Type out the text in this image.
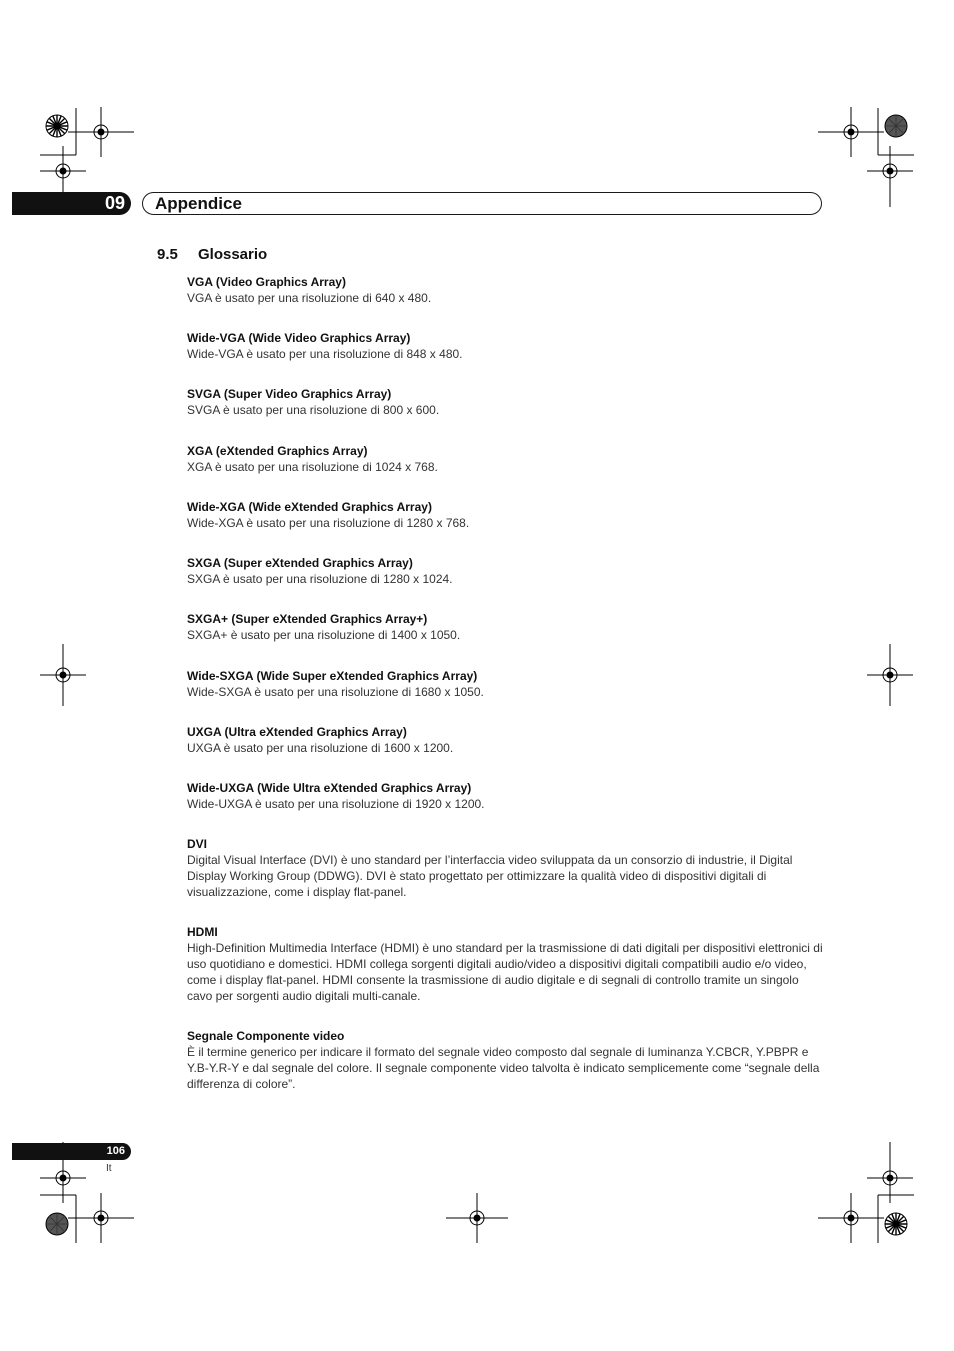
09	Appendice
9.5 Glossario
VGA (Video Graphics Array)
VGA è usato per una risoluzione di 640 x 480.
Wide-VGA (Wide Video Graphics Array)
Wide-VGA è usato per una risoluzione di 848 x 480.
SVGA (Super Video Graphics Array)
SVGA è usato per una risoluzione di 800 x 600.
XGA (eXtended Graphics Array)
XGA è usato per una risoluzione di 1024 x 768.
Wide-XGA (Wide eXtended Graphics Array)
Wide-XGA è usato per una risoluzione di 1280 x 768.
SXGA (Super eXtended Graphics Array)
SXGA è usato per una risoluzione di 1280 x 1024.
SXGA+ (Super eXtended Graphics Array+)
SXGA+ è usato per una risoluzione di 1400 x 1050.
Wide-SXGA (Wide Super eXtended Graphics Array)
Wide-SXGA è usato per una risoluzione di 1680 x 1050.
UXGA (Ultra eXtended Graphics Array)
UXGA è usato per una risoluzione di 1600 x 1200.
Wide-UXGA (Wide Ultra eXtended Graphics Array)
Wide-UXGA è usato per una risoluzione di 1920 x 1200.
DVI
Digital Visual Interface (DVI) è uno standard per l’interfaccia video sviluppata da un consorzio di industrie, il Digital Display Working Group (DDWG). DVI è stato progettato per ottimizzare la qualità video di dispositivi digitali di visualizzazione, come i display flat-panel.
HDMI
High-Definition Multimedia Interface (HDMI) è uno standard per la trasmissione di dati digitali per dispositivi elettronici di uso quotidiano e domestici. HDMI collega sorgenti digitali audio/video a dispositivi digitali compatibili audio e/o video, come i display flat-panel. HDMI consente la trasmissione di audio digitale e di segnali di controllo tramite un singolo cavo per sorgenti audio digitali multi-canale.
Segnale Componente video
È il termine generico per indicare il formato del segnale video composto dal segnale di luminanza Y.CBCR, Y.PBPR e Y.B-Y.R-Y e dal segnale del colore. Il segnale componente video talvolta è indicato semplicemente come “segnale della differenza di colore”.
106
It
